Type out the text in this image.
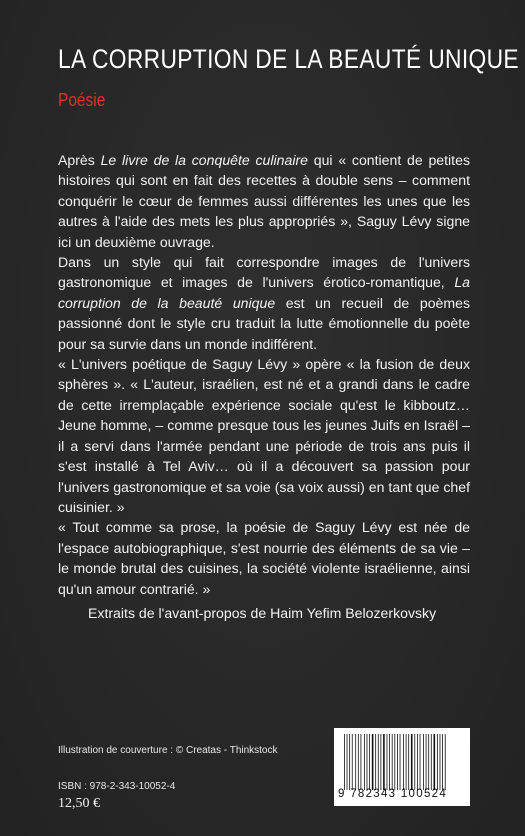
LA CORRUPTION DE LA BEAUTÉ UNIQUE
Poésie

Après Le livre de la conquête culinaire qui « contient de petites histoires qui sont en fait des recettes à double sens – comment conquérir le cœur de femmes aussi différentes les unes que les autres à l'aide des mets les plus appropriés », Saguy Lévy signe ici un deuxième ouvrage.

Dans un style qui fait correspondre images de l'univers gastronomique et images de l'univers érotico-romantique, La corruption de la beauté unique est un recueil de poèmes passionné dont le style cru traduit la lutte émotionnelle du poète pour sa survie dans un monde indifférent.

« L'univers poétique de Saguy Lévy » opère « la fusion de deux sphères ». « L'auteur, israélien, est né et a grandi dans le cadre de cette irremplaçable expérience sociale qu'est le kibboutz… Jeune homme, – comme presque tous les jeunes Juifs en Israël – il a servi dans l'armée pendant une période de trois ans puis il s'est installé à Tel Aviv… où il a découvert sa passion pour l'univers gastronomique et sa voie (sa voix aussi) en tant que chef cuisinier. »

« Tout comme sa prose, la poésie de Saguy Lévy est née de l'espace autobiographique, s'est nourrie des éléments de sa vie – le monde brutal des cuisines, la société violente israélienne, ainsi qu'un amour contrarié. »

Extraits de l'avant-propos de Haim Yefim Belozerkovsky
Illustration de couverture : © Creatas - Thinkstock
ISBN : 978-2-343-10052-4
12,50 €
9 782343 100524
